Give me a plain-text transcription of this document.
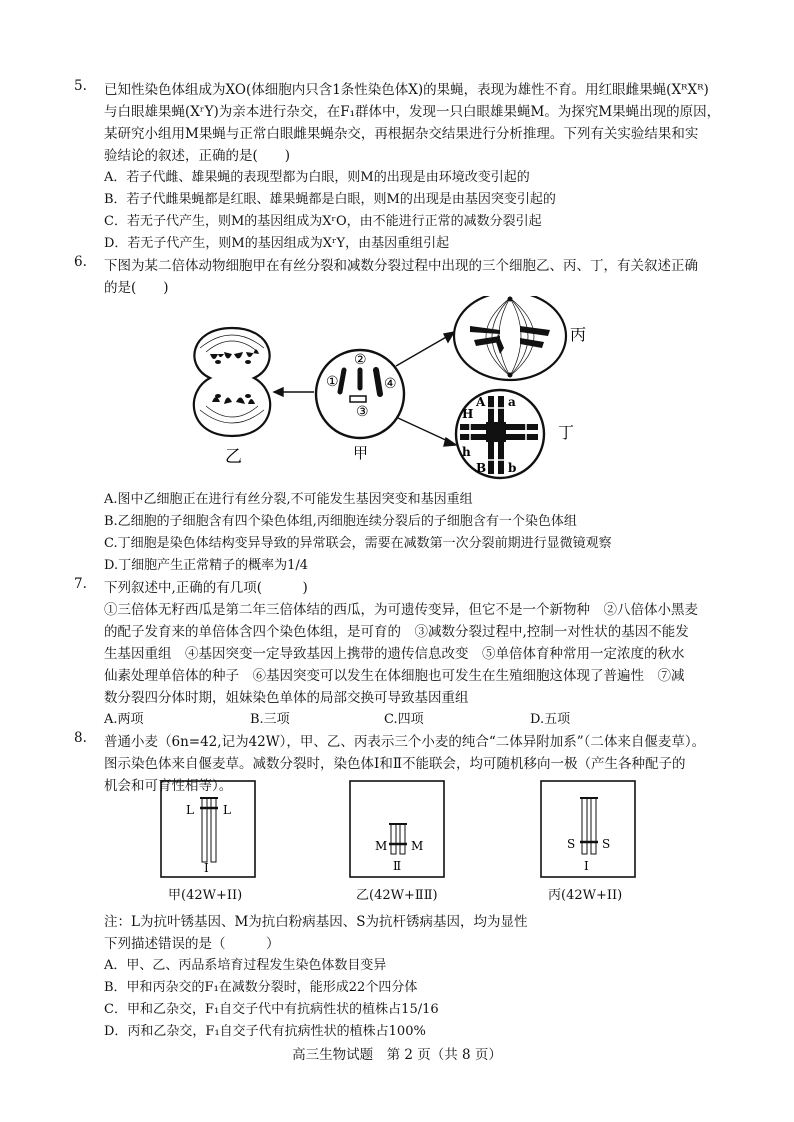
5. 已知性染色体组成为XO(体细胞内只含1条性染色体X)的果蝇，表现为雄性不育。用红眼雌果蝇(XᴿXᴿ)
与白眼雄果蝇(XʳY)为亲本进行杂交，在F₁群体中，发现一只白眼雄果蝇M。为探究M果蝇出现的原因，
某研究小组用M果蝇与正常白眼雌果蝇杂交，再根据杂交结果进行分析推理。下列有关实验结果和实
验结论的叙述，正确的是(　　)
A．若子代雌、雄果蝇的表现型都为白眼，则M的出现是由环境改变引起的
B．若子代雌果蝇都是红眼、雄果蝇都是白眼，则M的出现是由基因突变引起的
C．若无子代产生，则M的基因组成为XʳO，由不能进行正常的减数分裂引起
D．若无子代产生，则M的基因组成为XʳY，由基因重组引起
6. 下图为某二倍体动物细胞甲在有丝分裂和减数分裂过程中出现的三个细胞乙、丙、丁，有关叙述正确
的是(　　)
乙
①
②
④
③
甲
丙
A a
H
h
B b
丁
A.图中乙细胞正在进行有丝分裂,不可能发生基因突变和基因重组
B.乙细胞的子细胞含有四个染色体组,丙细胞连续分裂后的子细胞含有一个染色体组
C.丁细胞是染色体结构变异导致的异常联会，需要在减数第一次分裂前期进行显微镜观察
D.丁细胞产生正常精子的概率为1/4
7. 下列叙述中,正确的有几项(　　　)
①三倍体无籽西瓜是第二年三倍体结的西瓜，为可遗传变异，但它不是一个新物种　②八倍体小黑麦
的配子发育来的单倍体含四个染色体组，是可育的　③减数分裂过程中,控制一对性状的基因不能发
生基因重组　④基因突变一定导致基因上携带的遗传信息改变　⑤单倍体育种常用一定浓度的秋水
仙素处理单倍体的种子　⑥基因突变可以发生在体细胞也可发生在生殖细胞这体现了普遍性　⑦减
数分裂四分体时期，姐妹染色单体的局部交换可导致基因重组
A.两项	B.三项	C.四项	D.五项
8. 普通小麦（6n=42,记为42W），甲、乙、丙表示三个小麦的纯合“二体异附加系”（二体来自偃麦草）。
图示染色体来自偃麦草。减数分裂时，染色体Ⅰ和Ⅱ不能联会，均可随机移向一极（产生各种配子的
机会和可育性相等）。
L L
Ⅰ
M M
Ⅱ
S S
Ⅰ
甲(42W+ⅠⅠ)	乙(42W+ⅡⅡ)	丙(42W+ⅠⅠ)
注：L为抗叶锈基因、M为抗白粉病基因、S为抗杆锈病基因，均为显性
下列描述错误的是（　　　）
A．甲、乙、丙品系培育过程发生染色体数目变异
B．甲和丙杂交的F₁在减数分裂时，能形成22个四分体
C．甲和乙杂交，F₁自交子代中有抗病性状的植株占15/16
D．丙和乙杂交，F₁自交子代有抗病性状的植株占100%
高三生物试题　第 2 页（共 8 页）
